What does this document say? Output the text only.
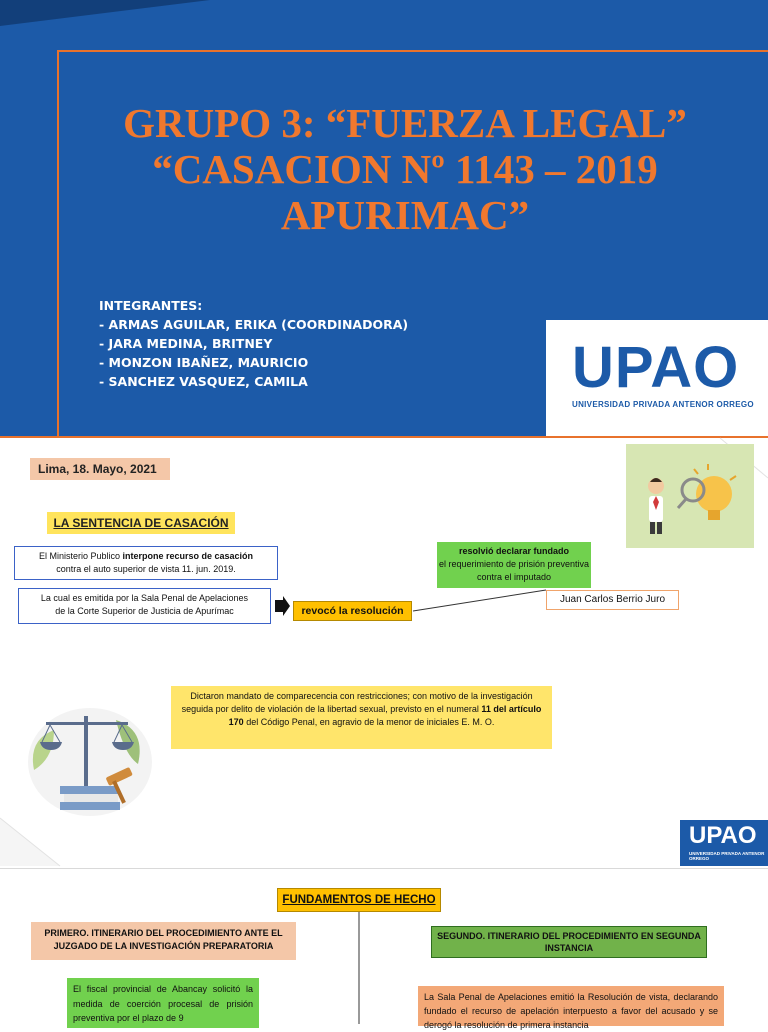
GRUPO 3: “FUERZA LEGAL”
“CASACION Nº 1143 – 2019
APURIMAC”
INTEGRANTES:
- ARMAS AGUILAR, ERIKA (COORDINADORA)
- JARA MEDINA, BRITNEY
- MONZON IBAÑEZ, MAURICIO
- SANCHEZ VASQUEZ, CAMILA	UPAO
UNIVERSIDAD PRIVADA ANTENOR ORREGO
Lima, 18. Mayo, 2021
LA SENTENCIA DE CASACIÓN
El Ministerio Publico interpone recurso de casación
contra el auto superior de vista 11. jun. 2019.
La cual es emitida por la Sala Penal de Apelaciones
de la Corte Superior de Justicia de Apurímac	revocó la resolución
resolvió declarar fundado
el requerimiento de prisión preventiva contra el imputado
Juan Carlos Berrio Juro
Dictaron mandato de comparecencia con restricciones; con motivo de la investigación seguida por delito de violación de la libertad sexual, previsto en el numeral 11 del artículo 170 del Código Penal, en agravio de la menor de iniciales E. M. O.
UPAO
UNIVERSIDAD PRIVADA ANTENOR ORREGO
FUNDAMENTOS DE HECHO
PRIMERO. ITINERARIO DEL PROCEDIMIENTO ANTE EL JUZGADO DE LA INVESTIGACIÓN PREPARATORIA
SEGUNDO. ITINERARIO DEL PROCEDIMIENTO EN SEGUNDA INSTANCIA
El fiscal provincial de Abancay solicitó la medida de coerción procesal de prisión preventiva por el plazo de 9
La Sala Penal de Apelaciones emitió la Resolución de vista, declarando fundado el recurso de apelación interpuesto a favor del acusado y se derogó la resolución de primera instancia
